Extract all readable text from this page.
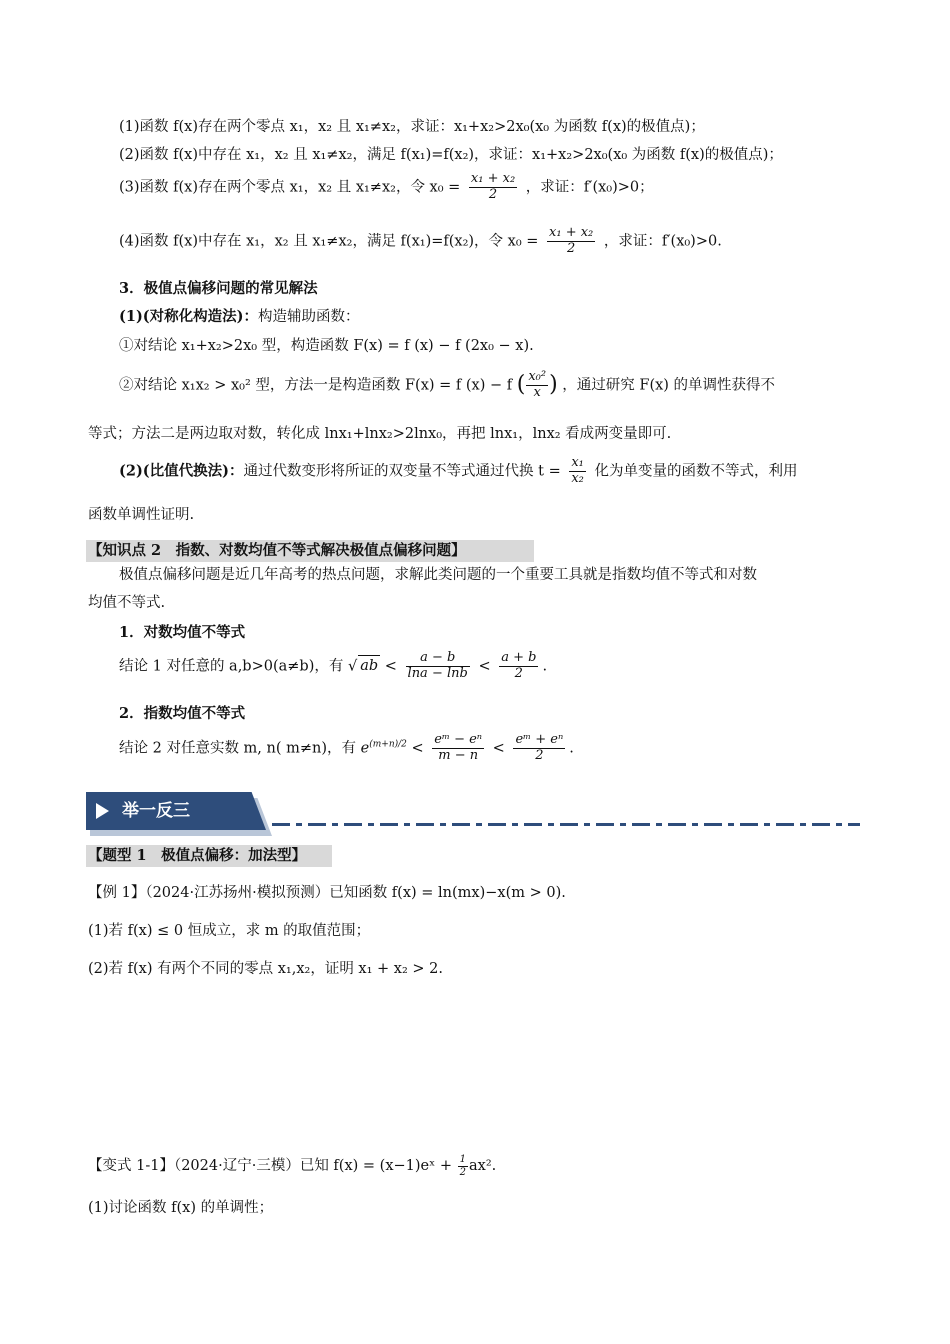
(1)函数 f(x)存在两个零点 x₁，x₂ 且 x₁≠x₂，求证：x₁+x₂>2x₀(x₀ 为函数 f(x)的极值点)；
(2)函数 f(x)中存在 x₁，x₂ 且 x₁≠x₂，满足 f(x₁)=f(x₂)，求证：x₁+x₂>2x₀(x₀ 为函数 f(x)的极值点)；
(3)函数 f(x)存在两个零点 x₁，x₂ 且 x₁≠x₂，令 $x_0 = \frac{\text{x₁ + x₂}}{2}$ ，求证：f′(x₀)>0；
(4)函数 f(x)中存在 x₁，x₂ 且 x₁≠x₂，满足 f(x₁)=f(x₂)，令 $x_0 = \frac{\text{x₁ + x₂}}{2}$ ，求证：f′(x₀)>0.
3．极值点偏移问题的常见解法
(1)(对称化构造法)：构造辅助函数：
①对结论 x₁+x₂>2x₀ 型，构造函数 F(x) = f (x) − f (2x₀ − x).
②对结论 x₁x₂ > x₀² 型，方法一是构造函数 F(x) = f (x) − f ( $\frac{\text{x₀²}}{x}$ ) ，通过研究 F(x) 的单调性获得不
等式；方法二是两边取对数，转化成 lnx₁+lnx₂>2lnx₀，再把 lnx₁，lnx₂ 看成两变量即可.
(2)(比值代换法)：通过代数变形将所证的双变量不等式通过代换 $t = \frac{\text{x₁}}{\text{x₂}}$ 化为单变量的函数不等式，利用
函数单调性证明.
【知识点 2　指数、对数均值不等式解决极值点偏移问题】
极值点偏移问题是近几年高考的热点问题，求解此类问题的一个重要工具就是指数均值不等式和对数
均值不等式.
1．对数均值不等式
结论 1 对任意的 a,b>0(a≠b)，有 √ ab < $\frac{a - b}{\ln a - \ln b} < \frac{a + b}{2}$ .
2．指数均值不等式
结论 2 对任意实数 m, n( m≠n)，有 $e^{(m+n)/2} < \frac{\text{eᵐ − eⁿ}}{m - n} < \frac{\text{eᵐ + eⁿ}}{2}$ .
举一反三
【题型 1　极值点偏移：加法型】
【例 1】（2024·江苏扬州·模拟预测）已知函数 f(x) = ln(mx)−x(m > 0).
(1)若 f(x) ≤ 0 恒成立，求 m 的取值范围；
(2)若 f(x) 有两个不同的零点 x₁,x₂，证明 x₁ + x₂ > 2.
【变式 1-1】（2024·辽宁·三模）已知 f(x) = (x−1)eˣ + $\frac{1}{2} ax^2$.
(1)讨论函数 f(x) 的单调性；
